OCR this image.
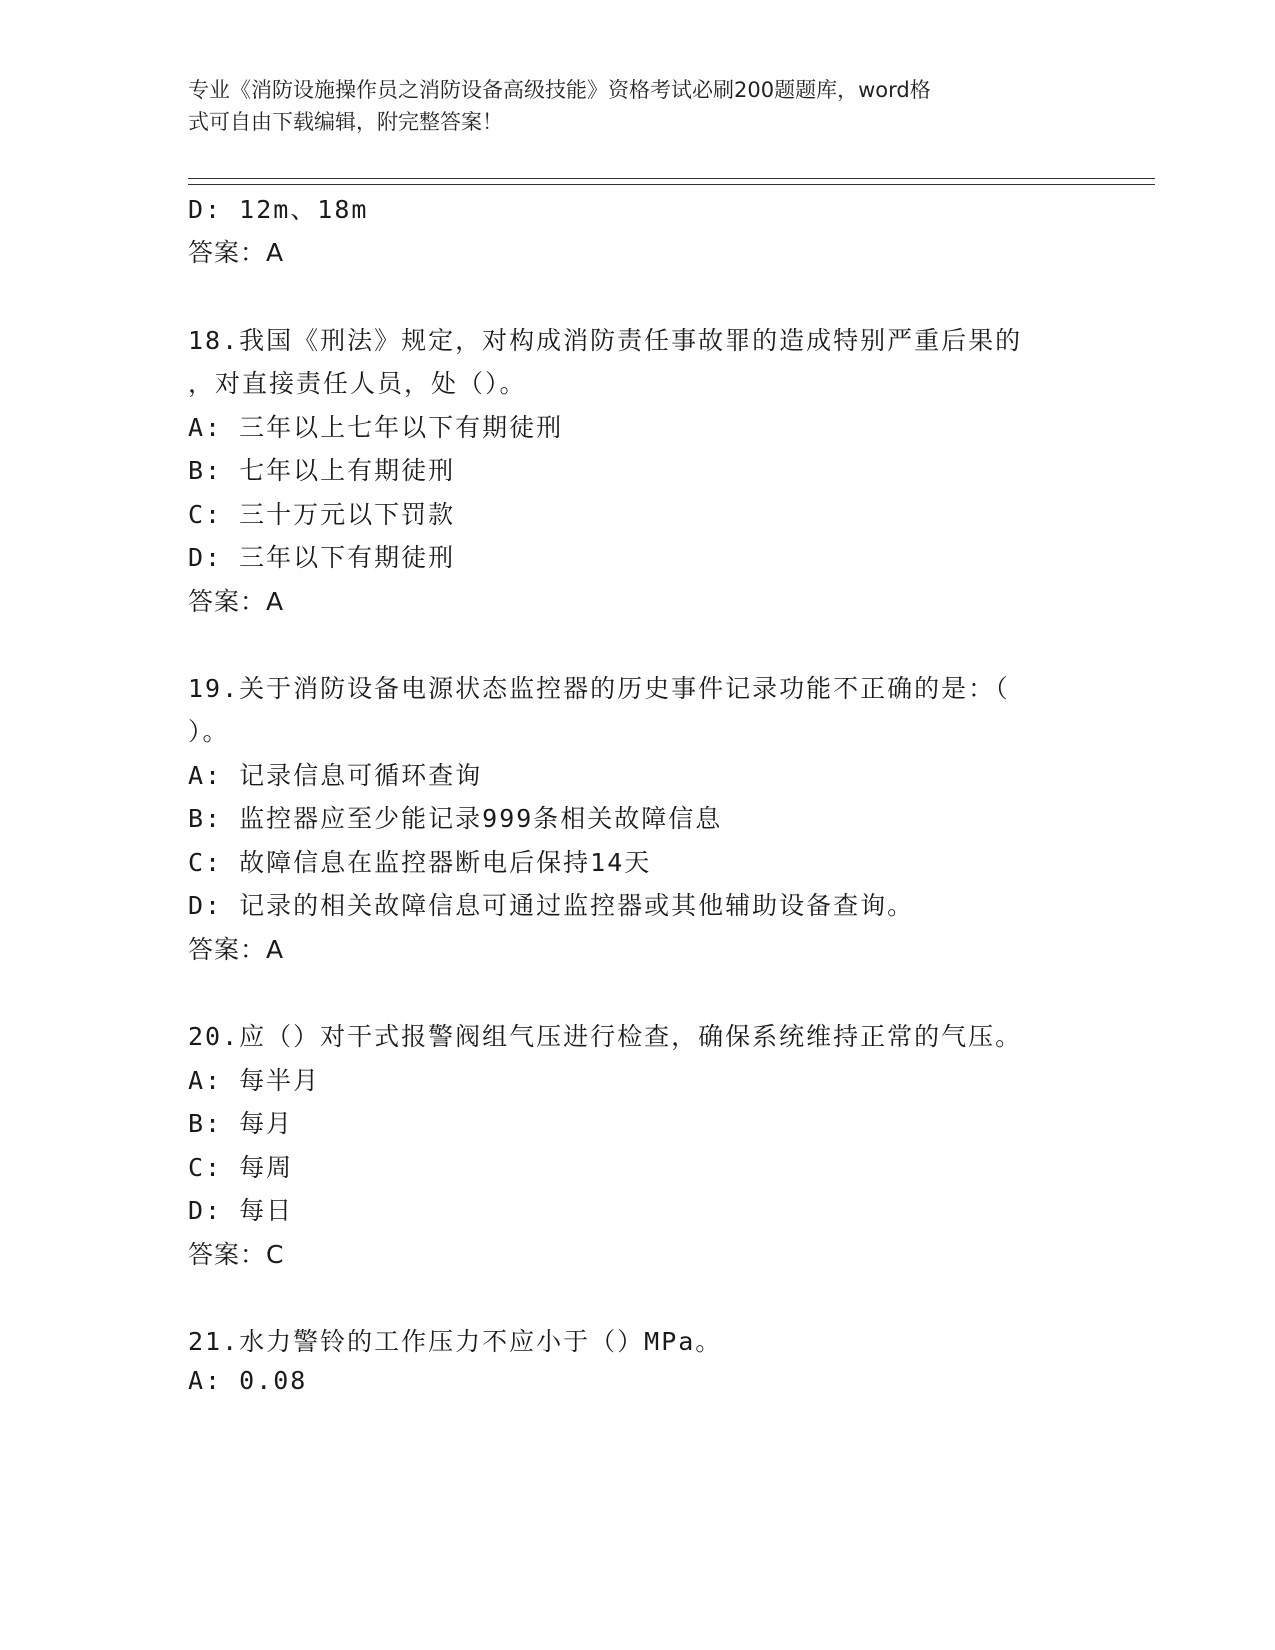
专业《消防设施操作员之消防设备高级技能》资格考试必刷200题题库，word格
式可自由下载编辑，附完整答案！
D: 12m、18m
答案：A
18.我国《刑法》规定，对构成消防责任事故罪的造成特别严重后果的
，对直接责任人员，处（）。
A: 三年以上七年以下有期徒刑
B: 七年以上有期徒刑
C: 三十万元以下罚款
D: 三年以下有期徒刑
答案：A
19.关于消防设备电源状态监控器的历史事件记录功能不正确的是：（
）。
A: 记录信息可循环查询
B: 监控器应至少能记录999条相关故障信息
C: 故障信息在监控器断电后保持14天
D: 记录的相关故障信息可通过监控器或其他辅助设备查询。
答案：A
20.应（）对干式报警阀组气压进行检查，确保系统维持正常的气压。
A: 每半月
B: 每月
C: 每周
D: 每日
答案：C
21.水力警铃的工作压力不应小于（）MPa。
A: 0.08
